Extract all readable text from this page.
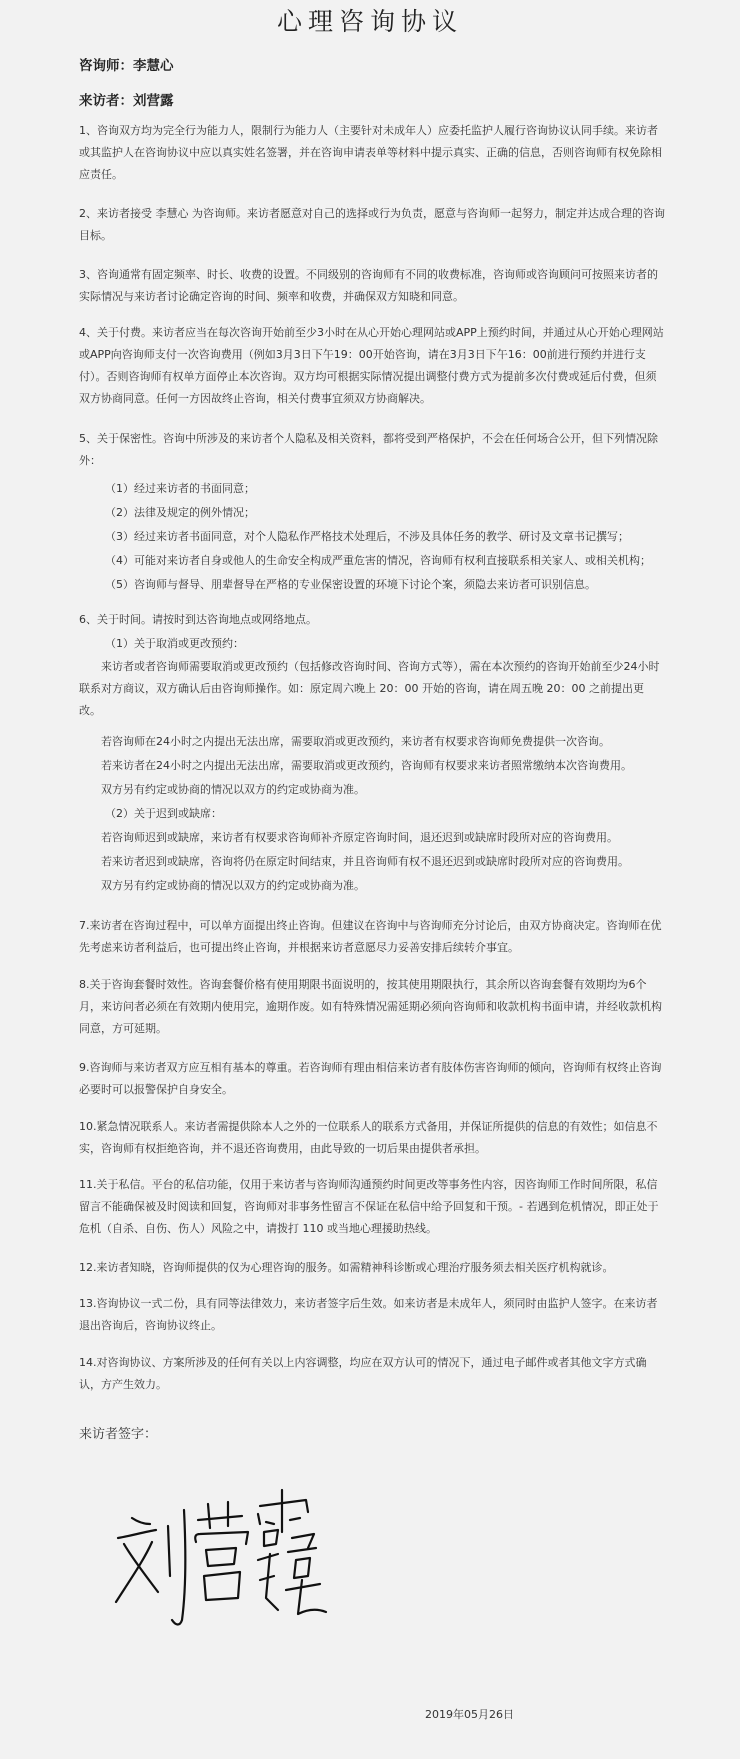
心理咨询协议
咨询师：李慧心
来访者：刘营露
1、咨询双方均为完全行为能力人，限制行为能力人（主要针对未成年人）应委托监护人履行咨询协议认同手续。来访者或其监护人在咨询协议中应以真实姓名签署，并在咨询申请表单等材料中提示真实、正确的信息，否则咨询师有权免除相应责任。
2、来访者接受 李慧心 为咨询师。来访者愿意对自己的选择或行为负责，愿意与咨询师一起努力，制定并达成合理的咨询目标。
3、咨询通常有固定频率、时长、收费的设置。不同级别的咨询师有不同的收费标准，咨询师或咨询顾问可按照来访者的实际情况与来访者讨论确定咨询的时间、频率和收费，并确保双方知晓和同意。
4、关于付费。来访者应当在每次咨询开始前至少3小时在从心开始心理网站或APP上预约时间，并通过从心开始心理网站或APP向咨询师支付一次咨询费用（例如3月3日下午19：00开始咨询，请在3月3日下午16：00前进行预约并进行支付）。否则咨询师有权单方面停止本次咨询。双方均可根据实际情况提出调整付费方式为提前多次付费或延后付费，但须双方协商同意。任何一方因故终止咨询，相关付费事宜须双方协商解决。
5、关于保密性。咨询中所涉及的来访者个人隐私及相关资料，都将受到严格保护，不会在任何场合公开，但下列情况除外：
（1）经过来访者的书面同意；
（2）法律及规定的例外情况；
（3）经过来访者书面同意，对个人隐私作严格技术处理后，不涉及具体任务的教学、研讨及文章书记撰写；
（4）可能对来访者自身或他人的生命安全构成严重危害的情况，咨询师有权利直接联系相关家人、或相关机构；
（5）咨询师与督导、朋辈督导在严格的专业保密设置的环境下讨论个案，须隐去来访者可识别信息。
6、关于时间。请按时到达咨询地点或网络地点。
（1）关于取消或更改预约：
来访者或者咨询师需要取消或更改预约（包括修改咨询时间、咨询方式等），需在本次预约的咨询开始前至少24小时联系对方商议，双方确认后由咨询师操作。如：原定周六晚上 20：00 开始的咨询，请在周五晚 20：00 之前提出更改。
若咨询师在24小时之内提出无法出席，需要取消或更改预约，来访者有权要求咨询师免费提供一次咨询。
若来访者在24小时之内提出无法出席，需要取消或更改预约，咨询师有权要求来访者照常缴纳本次咨询费用。
双方另有约定或协商的情况以双方的约定或协商为准。
（2）关于迟到或缺席：
若咨询师迟到或缺席，来访者有权要求咨询师补齐原定咨询时间，退还迟到或缺席时段所对应的咨询费用。
若来访者迟到或缺席，咨询将仍在原定时间结束，并且咨询师有权不退还迟到或缺席时段所对应的咨询费用。
双方另有约定或协商的情况以双方的约定或协商为准。
7.来访者在咨询过程中，可以单方面提出终止咨询。但建议在咨询中与咨询师充分讨论后，由双方协商决定。咨询师在优先考虑来访者利益后，也可提出终止咨询，并根据来访者意愿尽力妥善安排后续转介事宜。
8.关于咨询套餐时效性。咨询套餐价格有使用期限书面说明的，按其使用期限执行，其余所以咨询套餐有效期均为6个月，来访问者必须在有效期内使用完，逾期作废。如有特殊情况需延期必须向咨询师和收款机构书面申请，并经收款机构同意，方可延期。
9.咨询师与来访者双方应互相有基本的尊重。若咨询师有理由相信来访者有肢体伤害咨询师的倾向，咨询师有权终止咨询必要时可以报警保护自身安全。
10.紧急情况联系人。来访者需提供除本人之外的一位联系人的联系方式备用，并保证所提供的信息的有效性；如信息不实，咨询师有权拒绝咨询，并不退还咨询费用，由此导致的一切后果由提供者承担。
11.关于私信。平台的私信功能，仅用于来访者与咨询师沟通预约时间更改等事务性内容，因咨询师工作时间所限，私信留言不能确保被及时阅读和回复，咨询师对非事务性留言不保证在私信中给予回复和干预。- 若遇到危机情况，即正处于危机（自杀、自伤、伤人）风险之中，请拨打 110 或当地心理援助热线。
12.来访者知晓，咨询师提供的仅为心理咨询的服务。如需精神科诊断或心理治疗服务须去相关医疗机构就诊。
13.咨询协议一式二份，具有同等法律效力，来访者签字后生效。如来访者是未成年人，须同时由监护人签字。在来访者退出咨询后，咨询协议终止。
14.对咨询协议、方案所涉及的任何有关以上内容调整，均应在双方认可的情况下，通过电子邮件或者其他文字方式确认，方产生效力。
来访者签字：
2019年05月26日
